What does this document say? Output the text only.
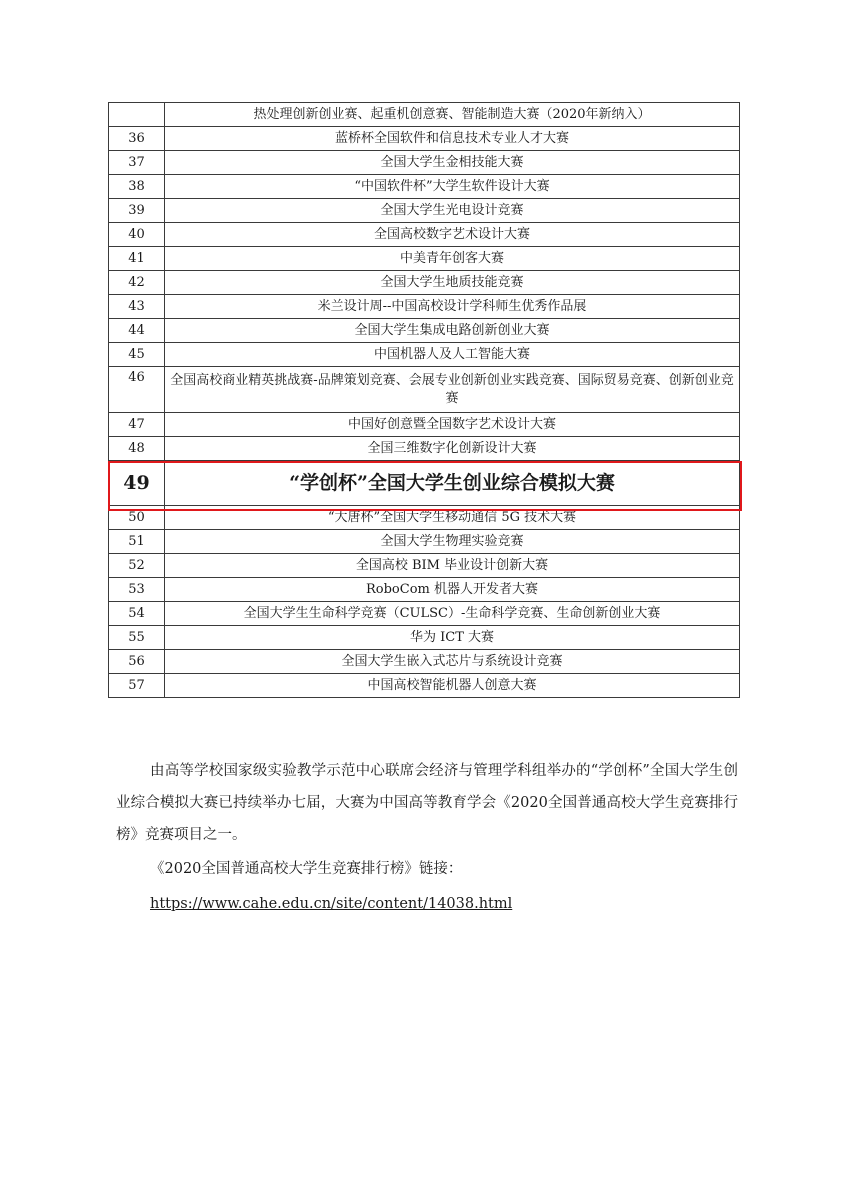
	热处理创新创业赛、起重机创意赛、智能制造大赛（2020年新纳入）
36	蓝桥杯全国软件和信息技术专业人才大赛
37	全国大学生金相技能大赛
38	“中国软件杯”大学生软件设计大赛
39	全国大学生光电设计竞赛
40	全国高校数字艺术设计大赛
41	中美青年创客大赛
42	全国大学生地质技能竞赛
43	米兰设计周--中国高校设计学科师生优秀作品展
44	全国大学生集成电路创新创业大赛
45	中国机器人及人工智能大赛
46	全国高校商业精英挑战赛-品牌策划竞赛、会展专业创新创业实践竞赛、国际贸易竞赛、创新创业竞赛
47	中国好创意暨全国数字艺术设计大赛
48	全国三维数字化创新设计大赛
49	“学创杯”全国大学生创业综合模拟大赛
50	“大唐杯”全国大学生移动通信 5G 技术大赛
51	全国大学生物理实验竞赛
52	全国高校 BIM 毕业设计创新大赛
53	RoboCom 机器人开发者大赛
54	全国大学生生命科学竞赛（CULSC）-生命科学竞赛、生命创新创业大赛
55	华为 ICT 大赛
56	全国大学生嵌入式芯片与系统设计竞赛
57	中国高校智能机器人创意大赛

由高等学校国家级实验教学示范中心联席会经济与管理学科组举办的“学创杯”全国大学生创业综合模拟大赛已持续举办七届，大赛为中国高等教育学会《2020全国普通高校大学生竞赛排行榜》竞赛项目之一。

《2020全国普通高校大学生竞赛排行榜》链接：

https://www.cahe.edu.cn/site/content/14038.html
